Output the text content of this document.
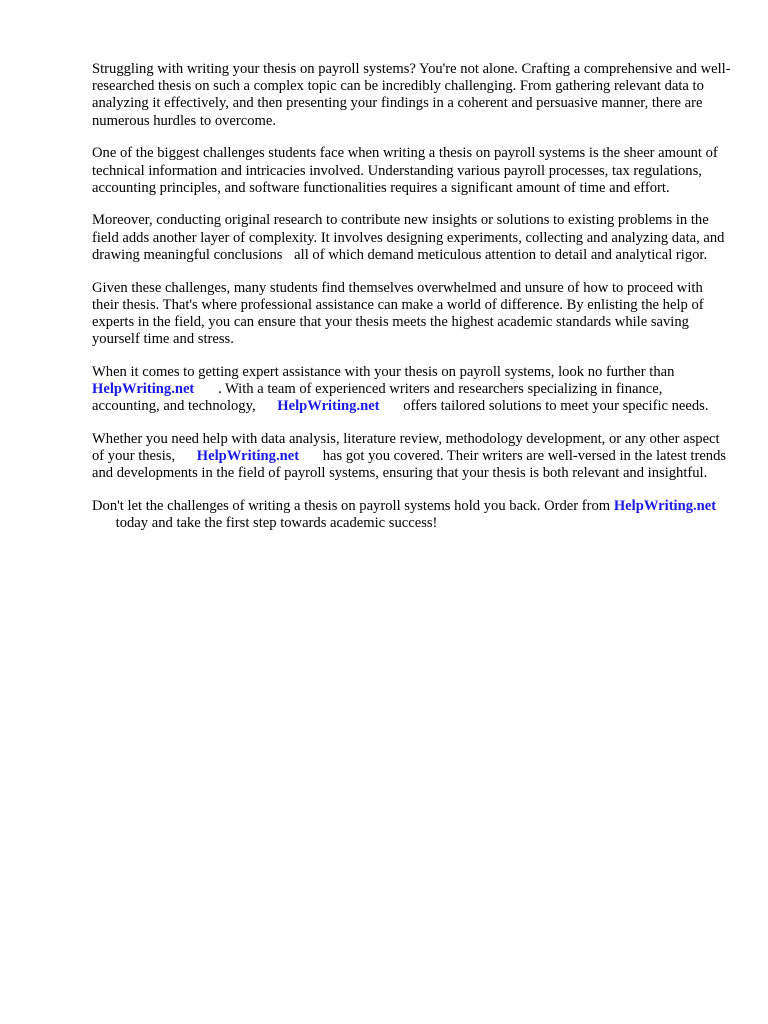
Struggling with writing your thesis on payroll systems? You're not alone. Crafting a comprehensive and well-researched thesis on such a complex topic can be incredibly challenging. From gathering relevant data to analyzing it effectively, and then presenting your findings in a coherent and persuasive manner, there are numerous hurdles to overcome.

One of the biggest challenges students face when writing a thesis on payroll systems is the sheer amount of technical information and intricacies involved. Understanding various payroll processes, tax regulations, accounting principles, and software functionalities requires a significant amount of time and effort.

Moreover, conducting original research to contribute new insights or solutions to existing problems in the field adds another layer of complexity. It involves designing experiments, collecting and analyzing data, and drawing meaningful conclusions all of which demand meticulous attention to detail and analytical rigor.

Given these challenges, many students find themselves overwhelmed and unsure of how to proceed with their thesis. That's where professional assistance can make a world of difference. By enlisting the help of experts in the field, you can ensure that your thesis meets the highest academic standards while saving yourself time and stress.

When it comes to getting expert assistance with your thesis on payroll systems, look no further than HelpWriting.net . With a team of experienced writers and researchers specializing in finance, accounting, and technology, HelpWriting.net offers tailored solutions to meet your specific needs.

Whether you need help with data analysis, literature review, methodology development, or any other aspect of your thesis, HelpWriting.net has got you covered. Their writers are well-versed in the latest trends and developments in the field of payroll systems, ensuring that your thesis is both relevant and insightful.

Don't let the challenges of writing a thesis on payroll systems hold you back. Order from HelpWriting.net today and take the first step towards academic success!
